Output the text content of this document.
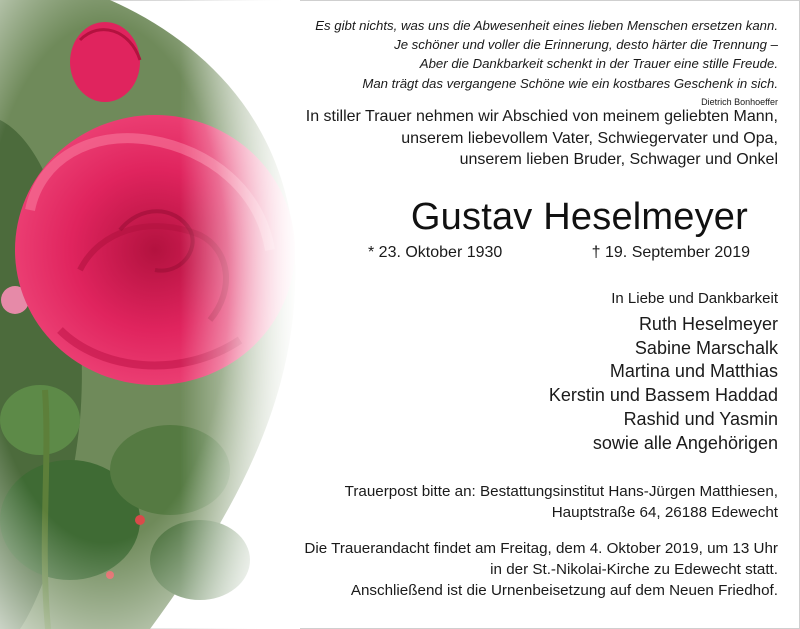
Es gibt nichts, was uns die Abwesenheit eines lieben Menschen ersetzen kann.
Je schöner und voller die Erinnerung, desto härter die Trennung –
Aber die Dankbarkeit schenkt in der Trauer eine stille Freude.
Man trägt das vergangene Schöne wie ein kostbares Geschenk in sich.
Dietrich Bonhoeffer
In stiller Trauer nehmen wir Abschied von meinem geliebten Mann,
unserem liebevollem Vater, Schwiegervater und Opa,
unserem lieben Bruder, Schwager und Onkel
Gustav Heselmeyer
* 23. Oktober 1930	† 19. September 2019
In Liebe und Dankbarkeit
Ruth Heselmeyer
Sabine Marschalk
Martina und Matthias
Kerstin und Bassem Haddad
Rashid und Yasmin
sowie alle Angehörigen
Trauerpost bitte an: Bestattungsinstitut Hans-Jürgen Matthiesen,
Hauptstraße 64, 26188 Edewecht
Die Trauerandacht findet am Freitag, dem 4. Oktober 2019, um 13 Uhr
in der St.-Nikolai-Kirche zu Edewecht statt.
Anschließend ist die Urnenbeisetzung auf dem Neuen Friedhof.
